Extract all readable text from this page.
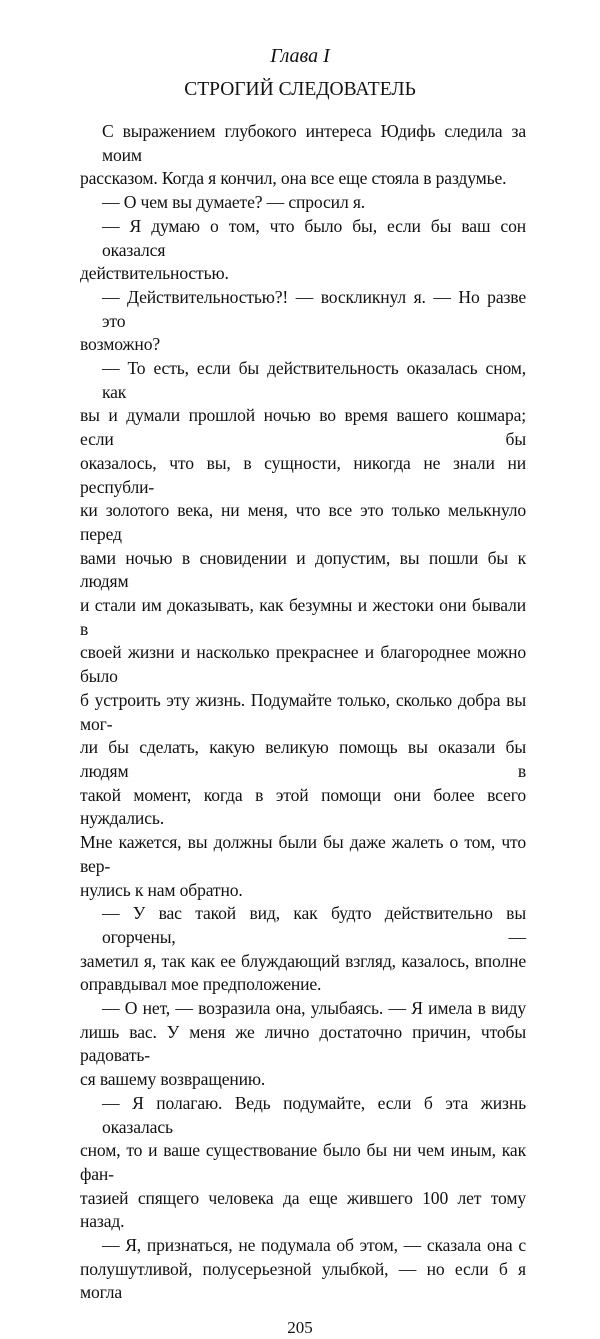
Глава I
СТРОГИЙ СЛЕДОВАТЕЛЬ
С выражением глубокого интереса Юдифь следила за моим
рассказом. Когда я кончил, она все еще стояла в раздумье.
— О чем вы думаете? — спросил я.
— Я думаю о том, что было бы, если бы ваш сон оказался
действительностью.
— Действительностью?! — воскликнул я. — Но разве это
возможно?
— То есть, если бы действительность оказалась сном, как
вы и думали прошлой ночью во время вашего кошмара; если бы
оказалось, что вы, в сущности, никогда не знали ни республи-
ки золотого века, ни меня, что все это только мелькнуло перед
вами ночью в сновидении и допустим, вы пошли бы к людям
и стали им доказывать, как безумны и жестоки они бывали в
своей жизни и насколько прекраснее и благороднее можно было
б устроить эту жизнь. Подумайте только, сколько добра вы мог-
ли бы сделать, какую великую помощь вы оказали бы людям в
такой момент, когда в этой помощи они более всего нуждались.
Мне кажется, вы должны были бы даже жалеть о том, что вер-
нулись к нам обратно.
— У вас такой вид, как будто действительно вы огорчены, —
заметил я, так как ее блуждающий взгляд, казалось, вполне
оправдывал мое предположение.
— О нет, — возразила она, улыбаясь. — Я имела в виду
лишь вас. У меня же лично достаточно причин, чтобы радовать-
ся вашему возвращению.
— Я полагаю. Ведь подумайте, если б эта жизнь оказалась
сном, то и ваше существование было бы ни чем иным, как фан-
тазией спящего человека да еще жившего 100 лет тому назад.
— Я, признаться, не подумала об этом, — сказала она с
полушутливой, полусерьезной улыбкой, — но если б я могла
205
